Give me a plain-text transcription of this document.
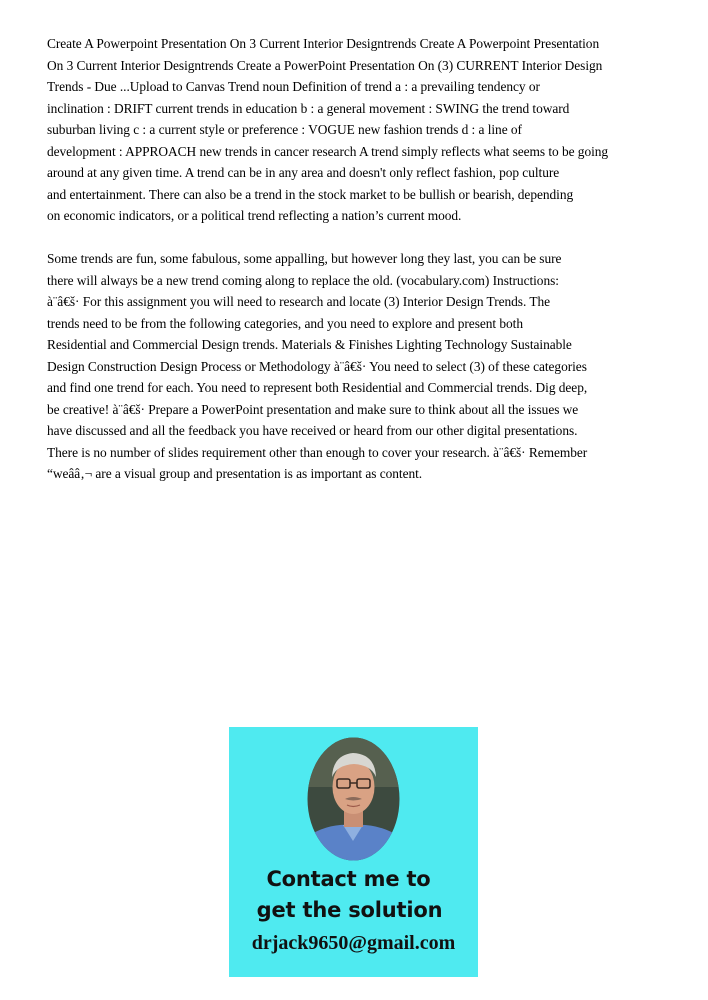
Create A Powerpoint Presentation On 3 Current Interior Designtrends Create A Powerpoint Presentation
On 3 Current Interior Designtrends Create a PowerPoint Presentation On (3) CURRENT Interior Design
Trends - Due ...Upload to Canvas Trend noun Definition of trend a : a prevailing tendency or
inclination : DRIFT current trends in education b : a general movement : SWING the trend toward
suburban living c : a current style or preference : VOGUE new fashion trends d : a line of
development : APPROACH new trends in cancer research A trend simply reflects what seems to be going
around at any given time. A trend can be in any area and doesn't only reflect fashion, pop culture
and entertainment. There can also be a trend in the stock market to be bullish or bearish, depending
on economic indicators, or a political trend reflecting a nation’s current mood.

Some trends are fun, some fabulous, some appalling, but however long they last, you can be sure
there will always be a new trend coming along to replace the old. (vocabulary.com) Instructions:
à¨â€š· For this assignment you will need to research and locate (3) Interior Design Trends. The
trends need to be from the following categories, and you need to explore and present both
Residential and Commercial Design trends. Materials & Finishes Lighting Technology Sustainable
Design Construction Design Process or Methodology à¨â€š· You need to select (3) of these categories
and find one trend for each. You need to represent both Residential and Commercial trends. Dig deep,
be creative! à¨â€š· Prepare a PowerPoint presentation and make sure to think about all the issues we
have discussed and all the feedback you have received or heard from our other digital presentations.
There is no number of slides requirement other than enough to cover your research. à¨â€š· Remember
“weââ‚¬ are a visual group and presentation is as important as content.

Contact me to
get the solution
drjack9650@gmail.com
